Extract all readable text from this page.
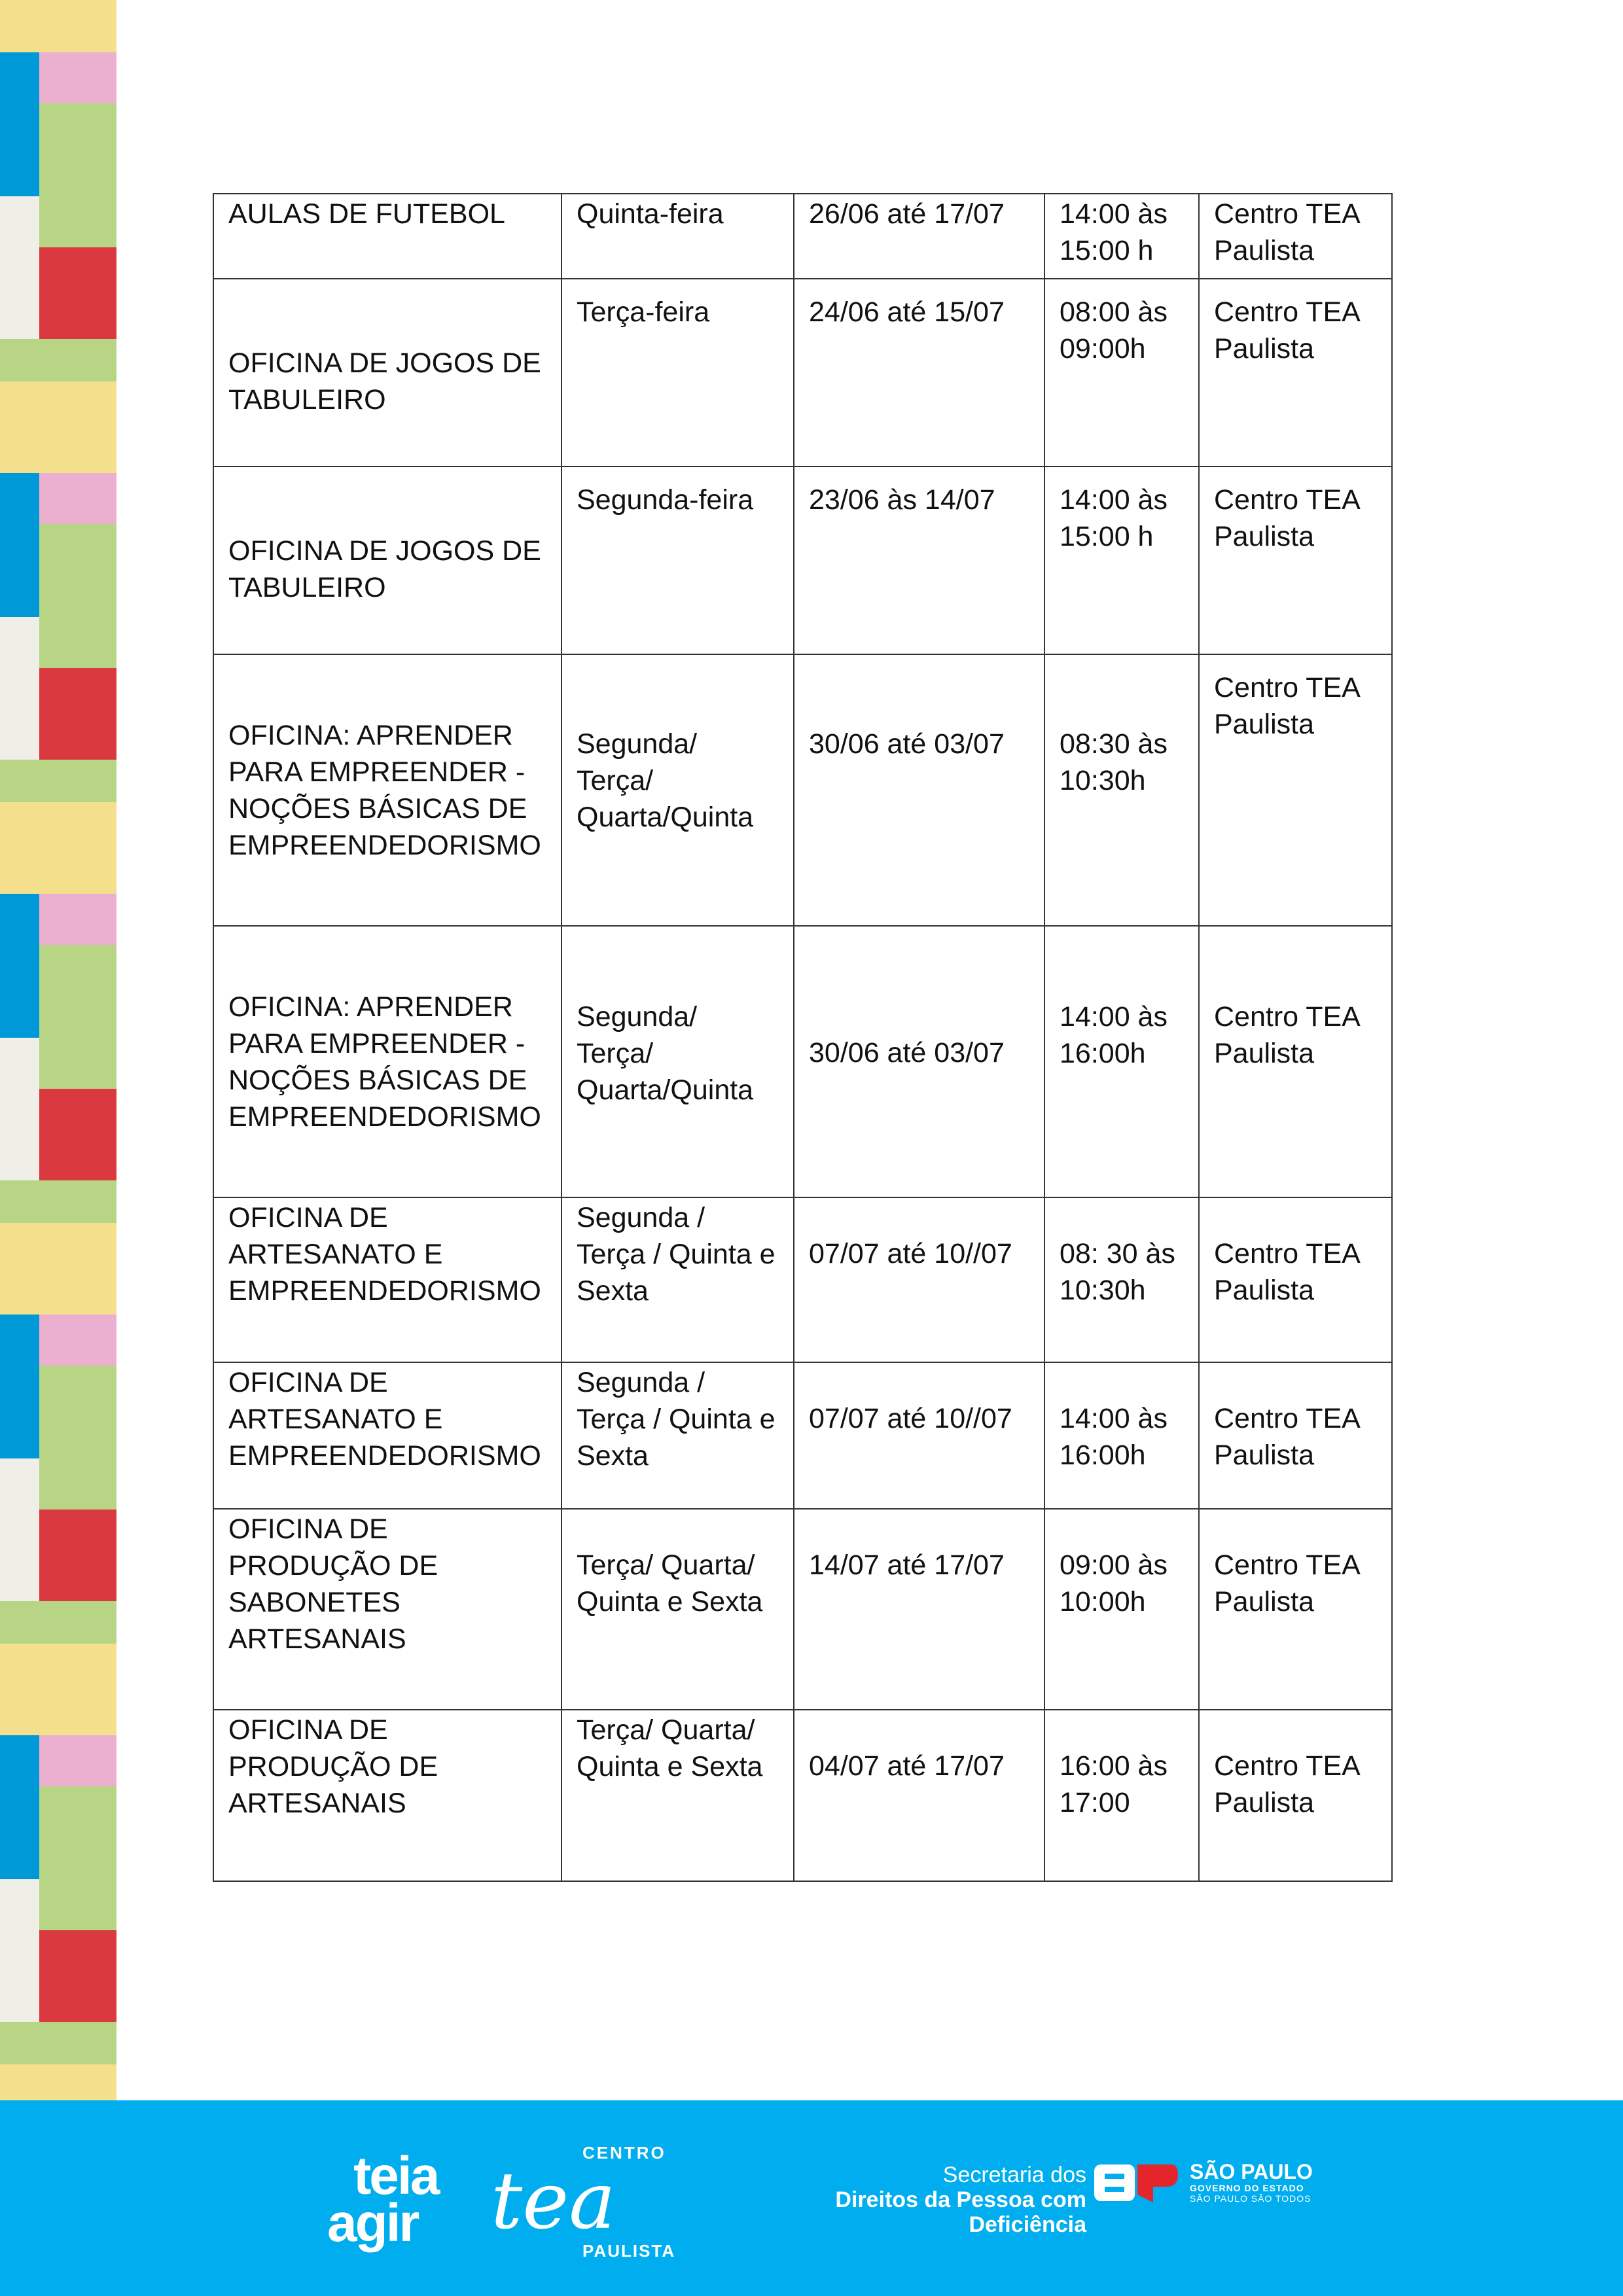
AULAS DE FUTEBOL	Quinta-feira	26/06 até 17/07	14:00 às
15:00 h	Centro TEA
Paulista
OFICINA DE JOGOS DE
TABULEIRO	Terça-feira	24/06 até 15/07	08:00 às
09:00h	Centro TEA
Paulista
OFICINA DE JOGOS DE
TABULEIRO	Segunda-feira	23/06 às 14/07	14:00 às
15:00 h	Centro TEA
Paulista
OFICINA: APRENDER
PARA EMPREENDER -
NOÇÕES BÁSICAS DE
EMPREENDEDORISMO	Segunda/
Terça/
Quarta/Quinta	30/06 até 03/07	08:30 às
10:30h	Centro TEA
Paulista
OFICINA: APRENDER
PARA EMPREENDER -
NOÇÕES BÁSICAS DE
EMPREENDEDORISMO	Segunda/
Terça/
Quarta/Quinta	30/06 até 03/07	14:00 às
16:00h	Centro TEA
Paulista
OFICINA DE
ARTESANATO E
EMPREENDEDORISMO	Segunda /
Terça / Quinta e
Sexta	07/07 até 10//07	08: 30 às
10:30h	Centro TEA
Paulista
OFICINA DE
ARTESANATO E
EMPREENDEDORISMO	Segunda /
Terça / Quinta e
Sexta	07/07 até 10//07	14:00 às
16:00h	Centro TEA
Paulista
OFICINA DE
PRODUÇÃO DE
SABONETES
ARTESANAIS	Terça/ Quarta/
Quinta e Sexta	14/07 até 17/07	09:00 às
10:00h	Centro TEA
Paulista
OFICINA DE
PRODUÇÃO DE
ARTESANAIS	Terça/ Quarta/
Quinta e Sexta	04/07 até 17/07	16:00 às
17:00	Centro TEA
Paulista
teia
agir
CENTRO
tea
PAULISTA
Secretaria dos
Direitos da Pessoa com Deficiência
SÃO PAULO
GOVERNO DO ESTADO
SÃO PAULO SÃO TODOS
